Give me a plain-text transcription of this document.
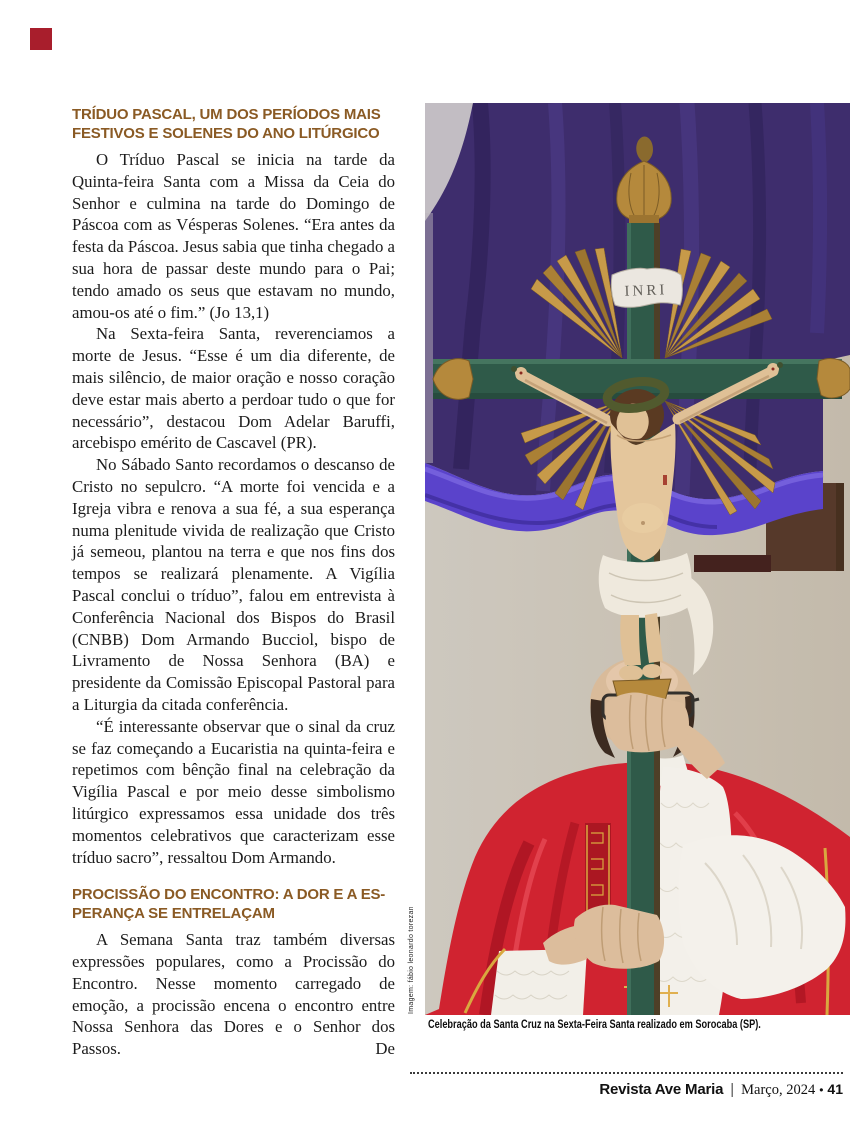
TRÍDUO PASCAL, UM DOS PERÍODOS MAIS
FESTIVOS E SOLENES DO ANO LITÚRGICO

O Tríduo Pascal se inicia na tarde da Quinta-feira Santa com a Missa da Ceia do Senhor e culmina na tarde do Domingo de Páscoa com as Vésperas Solenes. “Era antes da festa da Páscoa. Jesus sabia que tinha chegado a sua hora de passar deste mundo para o Pai; tendo amado os seus que estavam no mundo, amou-os até o fim.” (Jo 13,1)

Na Sexta-feira Santa, reverenciamos a morte de Jesus. “Esse é um dia diferente, de mais silêncio, de maior oração e nosso coração deve estar mais aberto a perdoar tudo o que for necessário”, destacou Dom Adelar Baruffi, arcebispo emérito de Cascavel (PR).

No Sábado Santo recordamos o descanso de Cristo no sepulcro. “A morte foi vencida e a Igreja vibra e renova a sua fé, a sua esperança numa plenitude vivida de realização que Cristo já semeou, plantou na terra e que nos fins dos tempos se realizará plenamente. A Vigília Pascal conclui o tríduo”, falou em entrevista à Conferência Nacional dos Bispos do Brasil (CNBB) Dom Armando Bucciol, bispo de Livramento de Nossa Senhora (BA) e presidente da Comissão Episcopal Pastoral para a Liturgia da citada conferência.

“É interessante observar que o sinal da cruz se faz começando a Eucaristia na quinta-feira e repetimos com bênção final na celebração da Vigília Pascal e por meio desse simbolismo litúrgico expressamos essa unidade dos três momentos celebrativos que caracterizam esse tríduo sacro”, ressaltou Dom Armando.

PROCISSÃO DO ENCONTRO: A DOR E A ES-
PERANÇA SE ENTRELAÇAM

A Semana Santa traz também diversas expressões populares, como a Procissão do Encontro. Nesse momento carregado de emoção, a procissão encena o encontro entre Nossa Senhora das Dores e o Senhor dos Passos. De

INRI
Imagem: fábio leonardo torezan
Celebração da Santa Cruz na Sexta-Feira Santa realizado em Sorocaba (SP).
Revista Ave Maria | Março, 2024 • 41
